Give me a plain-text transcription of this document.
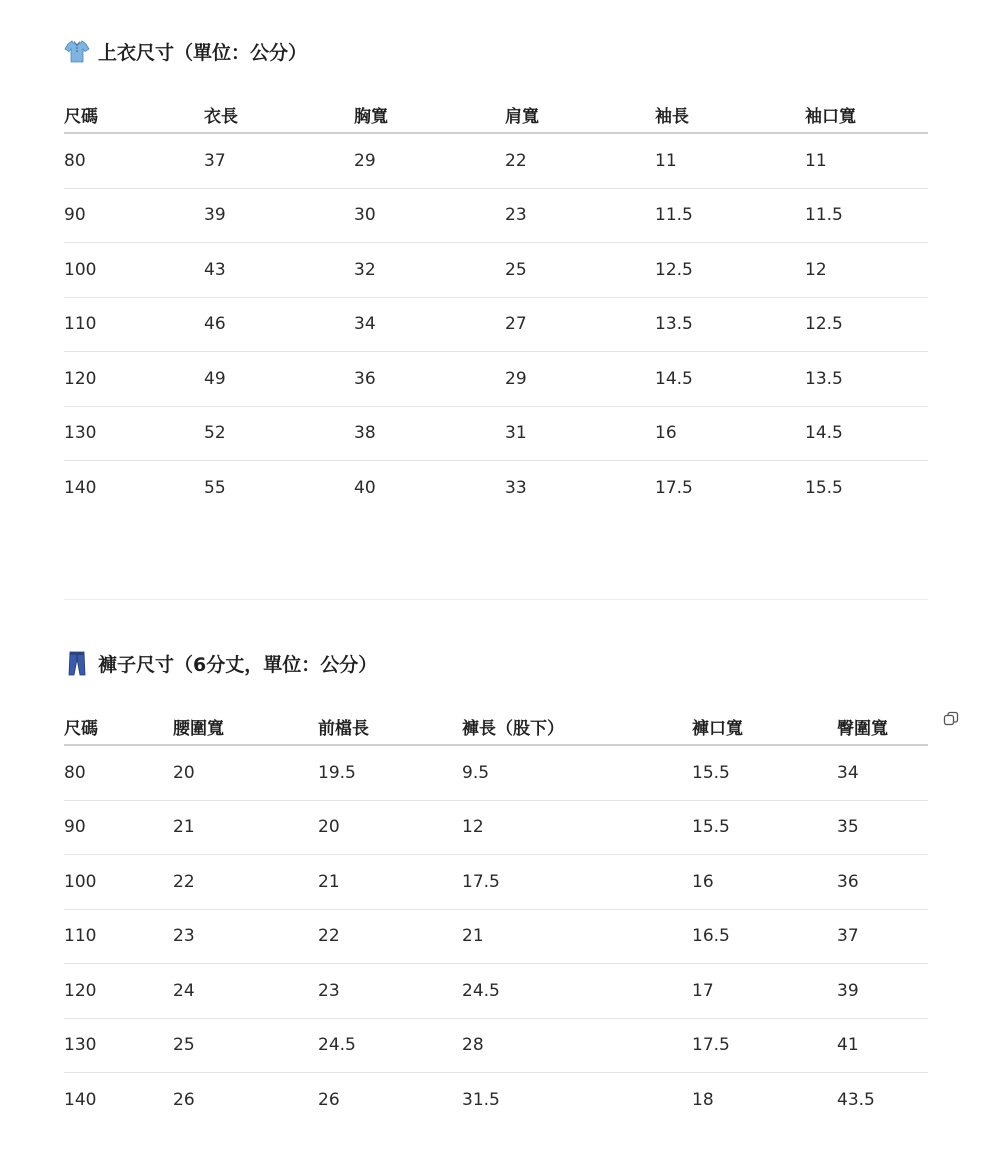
上衣尺寸（單位：公分）
尺碼	衣長	胸寬	肩寬	袖長	袖口寬
80	37	29	22	11	11
90	39	30	23	11.5	11.5
100	43	32	25	12.5	12
110	46	34	27	13.5	12.5
120	49	36	29	14.5	13.5
130	52	38	31	16	14.5
140	55	40	33	17.5	15.5
褲子尺寸（6分丈，單位：公分）
尺碼	腰圍寬	前檔長	褲長（股下）	褲口寬	臀圍寬
80	20	19.5	9.5	15.5	34
90	21	20	12	15.5	35
100	22	21	17.5	16	36
110	23	22	21	16.5	37
120	24	23	24.5	17	39
130	25	24.5	28	17.5	41
140	26	26	31.5	18	43.5
